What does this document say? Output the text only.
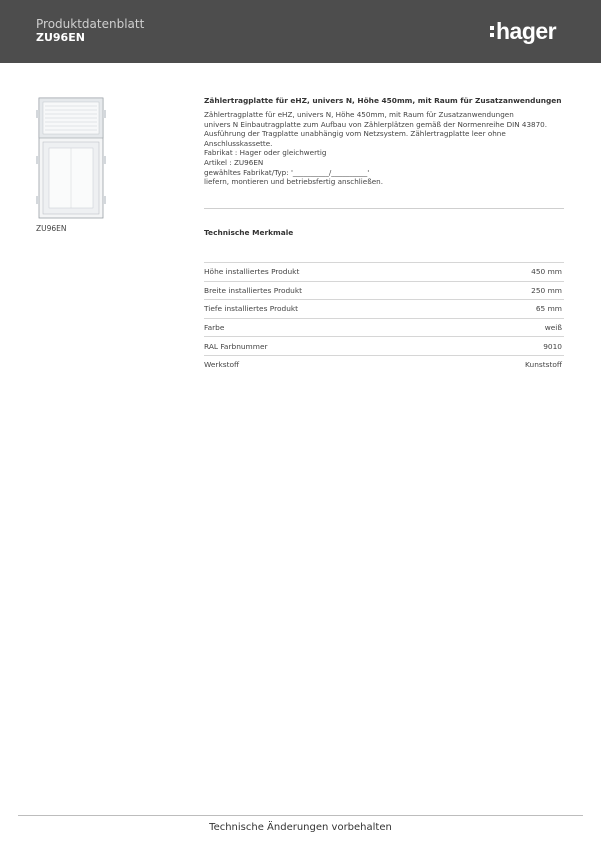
Produktdatenblatt
ZU96EN	hager
ZU96EN
Zählertragplatte für eHZ, univers N, Höhe 450mm, mit Raum für Zusatzanwendungen
Zählertragplatte für eHZ, univers N, Höhe 450mm, mit Raum für Zusatzanwendungen
univers N Einbautragplatte zum Aufbau von Zählerplätzen gemäß der Normenreihe DIN 43870.
Ausführung der Tragplatte unabhängig vom Netzsystem. Zählertragplatte leer ohne
Anschlusskassette.
Fabrikat : Hager oder gleichwertig
Artikel : ZU96EN
gewähltes Fabrikat/Typ: '__________/__________'
liefern, montieren und betriebsfertig anschließen.
Technische Merkmale
Höhe installiertes Produkt	450 mm
Breite installiertes Produkt	250 mm
Tiefe installiertes Produkt	65 mm
Farbe	weiß
RAL Farbnummer	9010
Werkstoff	Kunststoff
Technische Änderungen vorbehalten
